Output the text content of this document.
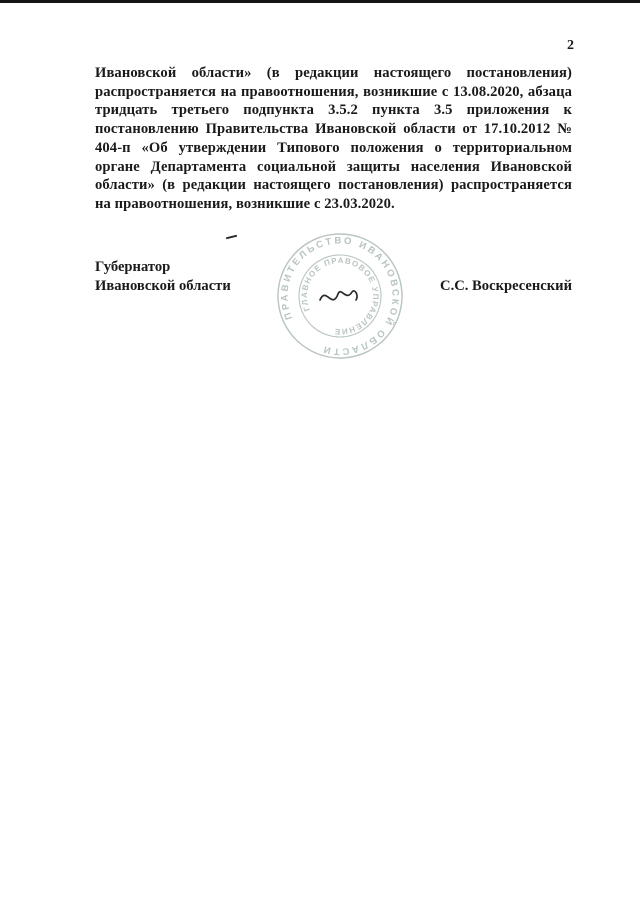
2
Ивановской области» (в редакции настоящего постановления) распространяется на правоотношения, возникшие с 13.08.2020, абзаца тридцать третьего подпункта 3.5.2 пункта 3.5 приложения к постановлению Правительства Ивановской области от 17.10.2012 № 404-п «Об утверждении Типового положения о территориальном органе Департамента социальной защиты населения Ивановской области» (в редакции настоящего постановления) распространяется на правоотношения, возникшие с 23.03.2020.
ПРАВИТЕЛЬСТВО ИВАНОВСКОЙ ОБЛАСТИ
ГЛАВНОЕ ПРАВОВОЕ УПРАВЛЕНИЕ
Губернатор
Ивановской области	С.С. Воскресенский
